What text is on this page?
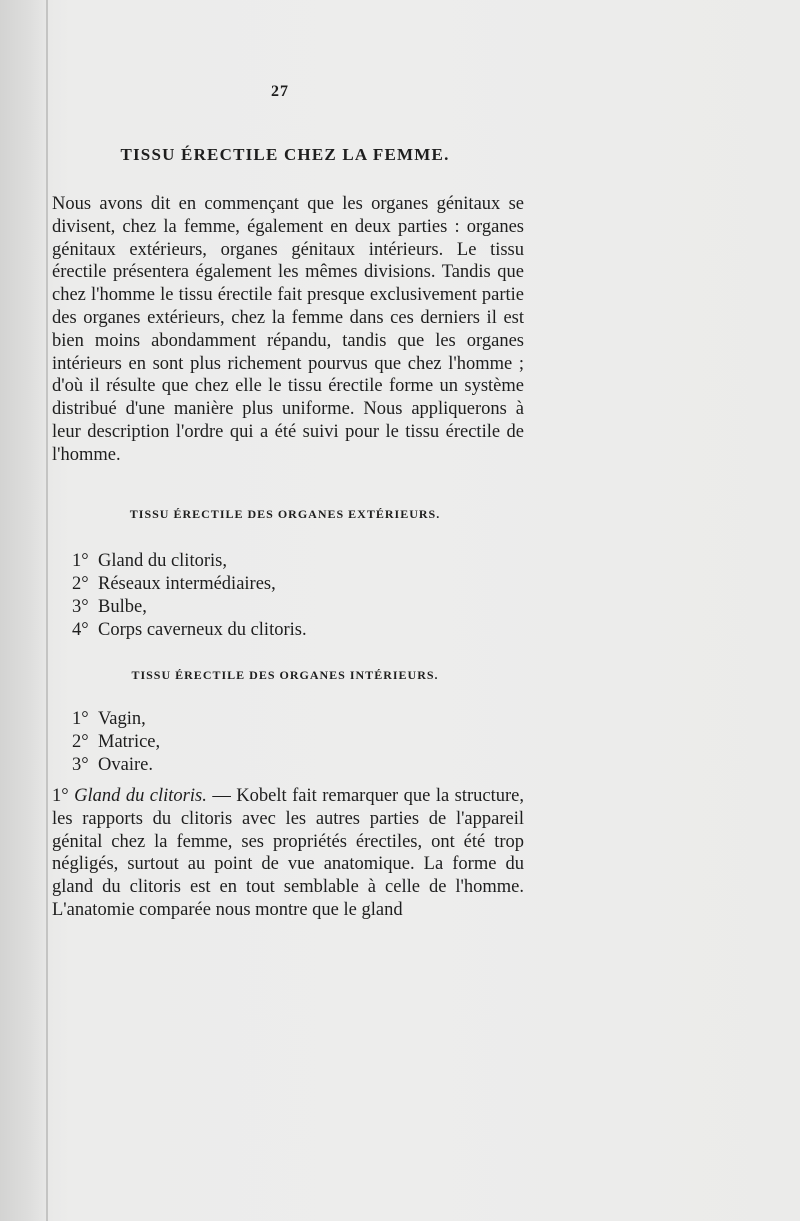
27
TISSU ÉRECTILE CHEZ LA FEMME.

Nous avons dit en commençant que les organes génitaux se divisent, chez la femme, également en deux parties : organes génitaux extérieurs, organes génitaux intérieurs. Le tissu érectile présentera également les mêmes divisions. Tandis que chez l'homme le tissu érectile fait presque exclusivement partie des organes extérieurs, chez la femme dans ces derniers il est bien moins abondamment répandu, tandis que les organes intérieurs en sont plus richement pourvus que chez l'homme ; d'où il résulte que chez elle le tissu érectile forme un système distribué d'une manière plus uniforme. Nous appliquerons à leur description l'ordre qui a été suivi pour le tissu érectile de l'homme.

TISSU ÉRECTILE DES ORGANES EXTÉRIEURS.
1° Gland du clitoris,
2° Réseaux intermédiaires,
3° Bulbe,
4° Corps caverneux du clitoris.
TISSU ÉRECTILE DES ORGANES INTÉRIEURS.
1° Vagin,
2° Matrice,
3° Ovaire.

1° Gland du clitoris. — Kobelt fait remarquer que la structure, les rapports du clitoris avec les autres parties de l'appareil génital chez la femme, ses propriétés érectiles, ont été trop négligés, surtout au point de vue anatomique. La forme du gland du clitoris est en tout semblable à celle de l'homme. L'anatomie comparée nous montre que le gland
